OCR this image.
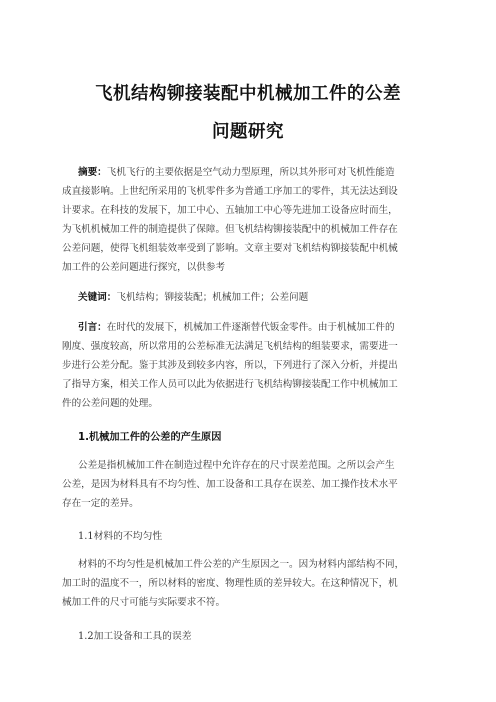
飞机结构铆接装配中机械加工件的公差
问题研究
摘要：飞机飞行的主要依据是空气动力型原理，所以其外形可对飞机性能造
成直接影响。上世纪所采用的飞机零件多为普通工序加工的零件，其无法达到设
计要求。在科技的发展下，加工中心、五轴加工中心等先进加工设备应时而生，
为飞机机械加工件的制造提供了保障。但飞机结构铆接装配中的机械加工件存在
公差问题，使得飞机组装效率受到了影响。文章主要对飞机结构铆接装配中机械
加工件的公差问题进行探究，以供参考
关键词：飞机结构；铆接装配；机械加工件；公差问题
引言：在时代的发展下，机械加工件逐渐替代钣金零件。由于机械加工件的
刚度、强度较高，所以常用的公差标准无法满足飞机结构的组装要求，需要进一
步进行公差分配。鉴于其涉及到较多内容，所以，下列进行了深入分析，并提出
了指导方案，相关工作人员可以此为依据进行飞机结构铆接装配工作中机械加工
件的公差问题的处理。
1.机械加工件的公差的产生原因
公差是指机械加工件在制造过程中允许存在的尺寸误差范围。之所以会产生
公差，是因为材料具有不均匀性、加工设备和工具存在误差、加工操作技术水平
存在一定的差异。
1.1材料的不均匀性
材料的不均匀性是机械加工件公差的产生原因之一。因为材料内部结构不同，
加工时的温度不一，所以材料的密度、物理性质的差异较大。在这种情况下，机
械加工件的尺寸可能与实际要求不符。
1.2加工设备和工具的误差
